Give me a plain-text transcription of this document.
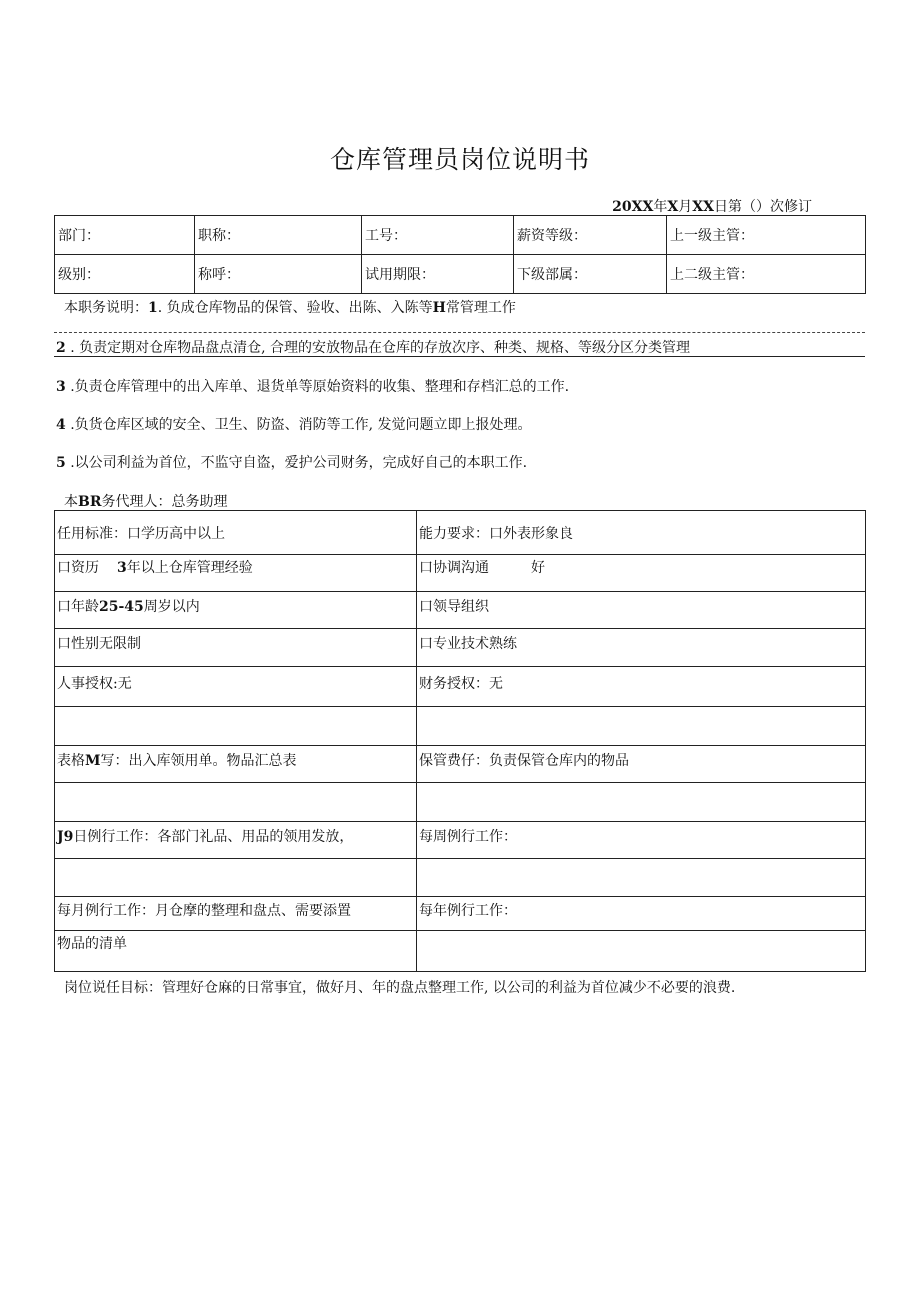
仓库管理员岗位说明书
20XX年X月XX日第（）次修订
部门：	职称：	工号：	薪资等级：	上一级主管：
级别：	称呼：	试用期限：	下级部属：	上二级主管：
本职务说明：1. 负成仓库物品的保管、验收、出陈、入陈等H常管理工作
2 . 负责定期对仓库物品盘点清仓, 合理的安放物品在仓库的存放次序、种类、规格、等级分区分类管理
3 .负责仓库管理中的出入库单、退货单等原始资料的收集、整理和存档汇总的工作.
4 .负货仓库区域的安全、卫生、防盗、消防等工作, 发觉问题立即上报处理。
5 .以公司利益为首位，不监守自盗，爱护公司财务，完成好自己的本职工作.
本BR务代理人：总务助理
任用标准：口学历高中以上	能力要求：口外表形象良

口资历 3年以上仓库管理经验	口协调沟通 好

口年龄25-45周岁以内	口领导组织

口性别无限制	口专业技术熟练

人事授权:无	财务授权：无

表格M写：出入库领用单。物品汇总表	保管费仔：负责保管仓库内的物品

J9日例行工作：各部门礼品、用品的领用发放，	每周例行工作：

每月例行工作：月仓摩的整理和盘点、需要添置	每年例行工作：

物品的清单	

岗位说任目标：管理好仓麻的日常事宜，做好月、年的盘点整理工作, 以公司的利益为首位减少不必要的浪费.
